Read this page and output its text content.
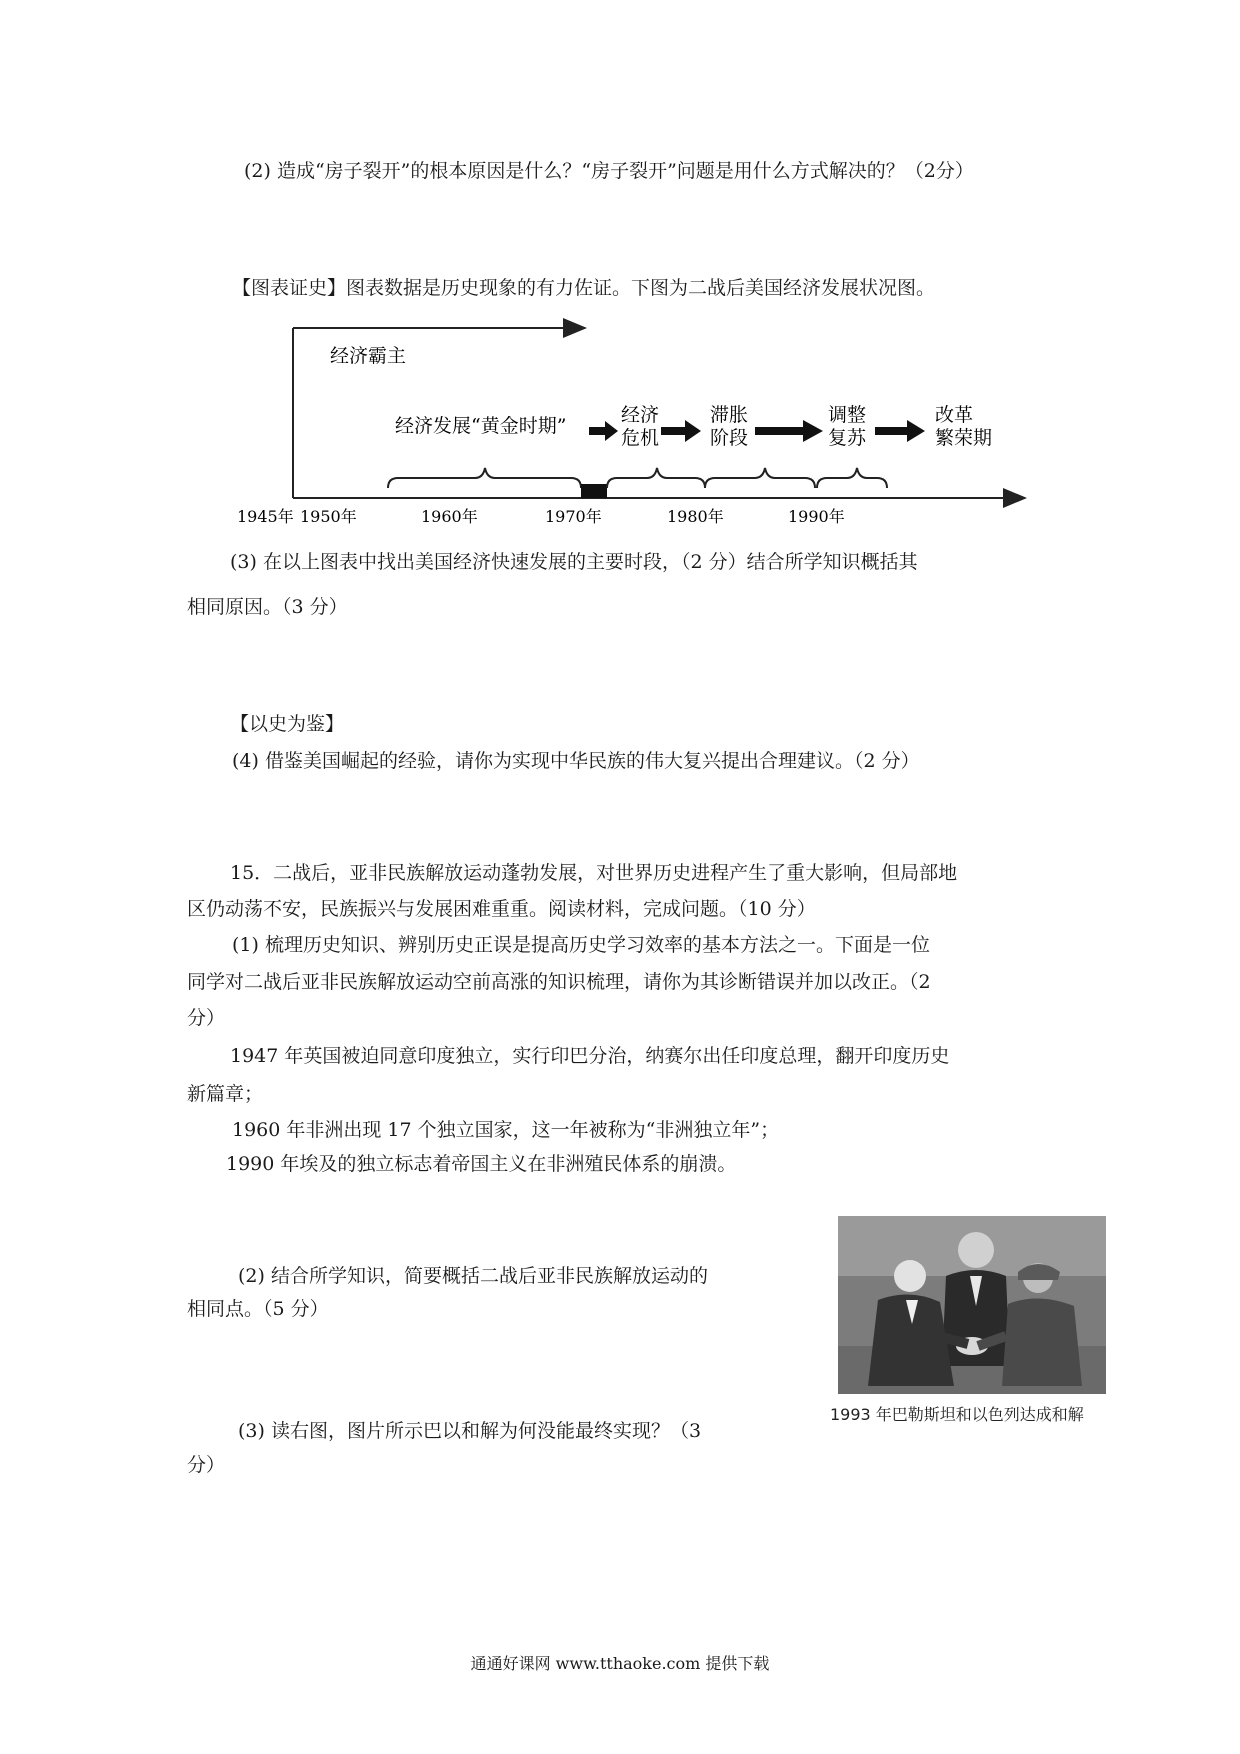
(2) 造成“房子裂开”的根本原因是什么？“房子裂开”问题是用什么方式解决的？（2分）
【图表证史】图表数据是历史现象的有力佐证。下图为二战后美国经济发展状况图。
经济霸主
经济发展“黄金时期”	经济
危机
滞胀
阶段
调整
复苏
改革
繁荣期
1945年 1950年	1960年	1970年	1980年	1990年
(3) 在以上图表中找出美国经济快速发展的主要时段，（2 分）结合所学知识概括其
相同原因。（3 分）
【以史为鉴】
(4) 借鉴美国崛起的经验，请你为实现中华民族的伟大复兴提出合理建议。（2 分）
15．二战后，亚非民族解放运动蓬勃发展，对世界历史进程产生了重大影响，但局部地
区仍动荡不安，民族振兴与发展困难重重。阅读材料，完成问题。（10 分）
(1) 梳理历史知识、辨别历史正误是提高历史学习效率的基本方法之一。下面是一位
同学对二战后亚非民族解放运动空前高涨的知识梳理，请你为其诊断错误并加以改正。（2
分）
1947 年英国被迫同意印度独立，实行印巴分治，纳赛尔出任印度总理，翻开印度历史
新篇章；
1960 年非洲出现 17 个独立国家，这一年被称为“非洲独立年”；
1990 年埃及的独立标志着帝国主义在非洲殖民体系的崩溃。
(2) 结合所学知识，简要概括二战后亚非民族解放运动的
相同点。（5 分）
1993 年巴勒斯坦和以色列达成和解
(3) 读右图，图片所示巴以和解为何没能最终实现？（3
分）
通通好课网 www.tthaoke.com 提供下载
